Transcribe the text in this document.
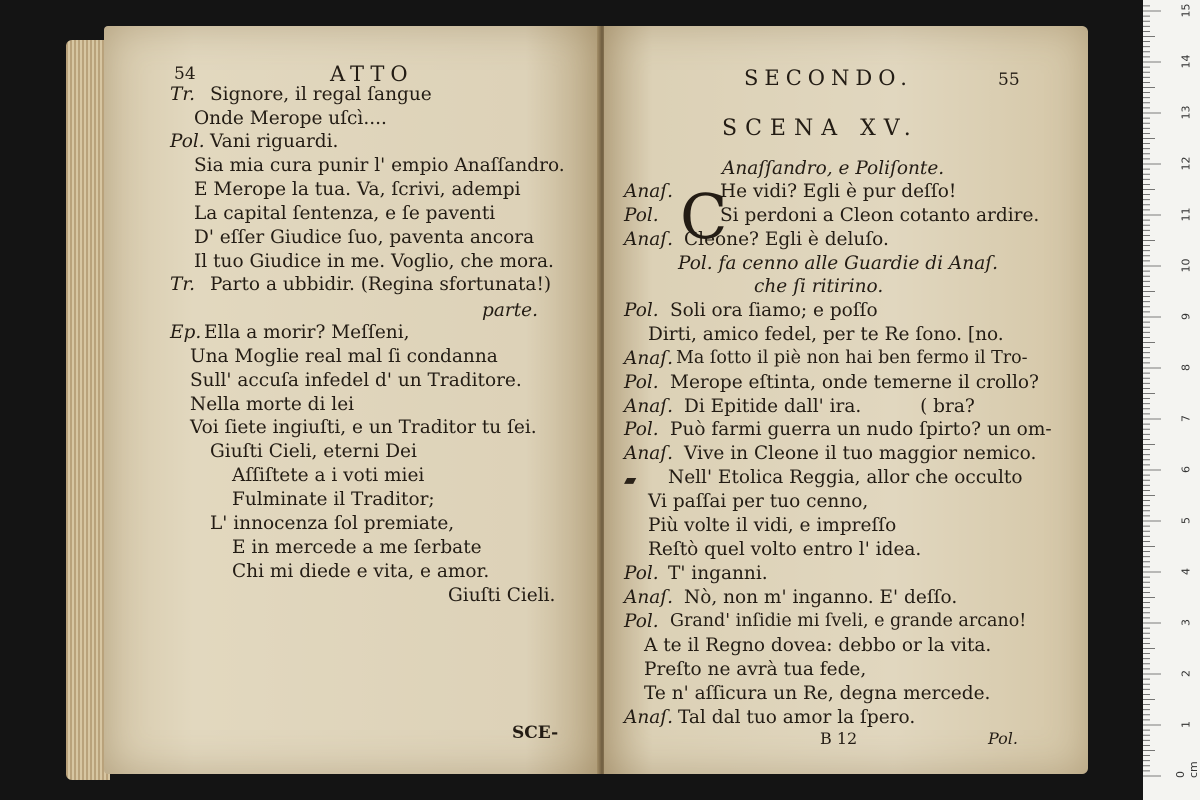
54	ATTO
Tr. Signore, il regal ſangue
Onde Merope uſcì....
Pol. Vani riguardi.
Sia mia cura punir l' empio Anaſſandro.
E Merope la tua. Va, ſcrivi, adempi
La capital ſentenza, e ſe paventi
D' eſſer Giudice ſuo, paventa ancora
Il tuo Giudice in me. Voglio, che mora.
Tr. Parto a ubbidir. (Regina sfortunata!)
parte.
Ep. Ella a morir? Meſſeni,
Una Moglie real mal ſi condanna
Sull' accuſa infedel d' un Traditore.
Nella morte di lei
Voi ſiete ingiuſti, e un Traditor tu ſei.
Giuſti Cieli, eterni Dei
Aſſiſtete a i voti miei
Fulminate il Traditor;
L' innocenza ſol premiate,
E in mercede a me ſerbate
Chi mi diede e vita, e amor.
Giuſti Cieli.
SCE-
SECONDO.	55
SCENA XV.
Anaſſandro, e Poliſonte.
Anaſ.	He vidi? Egli è pur deſſo!
Pol.	Si perdoni a Cleon cotanto ardire.
Anaſ. Cleone? Egli è deluſo.
Pol. fa cenno alle Guardie di Anaſ.
che ſi ritirino.
Pol. Soli ora ſiamo; e poſſo
Dirti, amico fedel, per te Re ſono. [no.
Anaſ. Ma ſotto il piè non hai ben fermo il Tro-
Pol. Merope eſtinta, onde temerne il crollo?
Anaſ. Di Epitide dall' ira.          ( bra?
Pol. Può farmi guerra un nudo ſpirto? un om-
Anaſ. Vive in Cleone il tuo maggior nemico.
▰ Nell' Etolica Reggia, allor che occulto
Vi paſſai per tuo cenno,
Più volte il vidi, e impreſſo
Reſtò quel volto entro l' idea.
Pol. T' inganni.
Anaſ. Nò, non m' inganno. E' deſſo.
Pol. Grand' inſidie mi ſveli, e grande arcano!
A te il Regno dovea: debbo or la vita.
Preſto ne avrà tua fede,
Te n' aſſicura un Re, degna mercede.
Anaſ. Tal dal tuo amor la ſpero.
B 12	Pol.
C
0 cm
1
2
3
4
5
6
7
8
9
10
11
12
13
14
15
